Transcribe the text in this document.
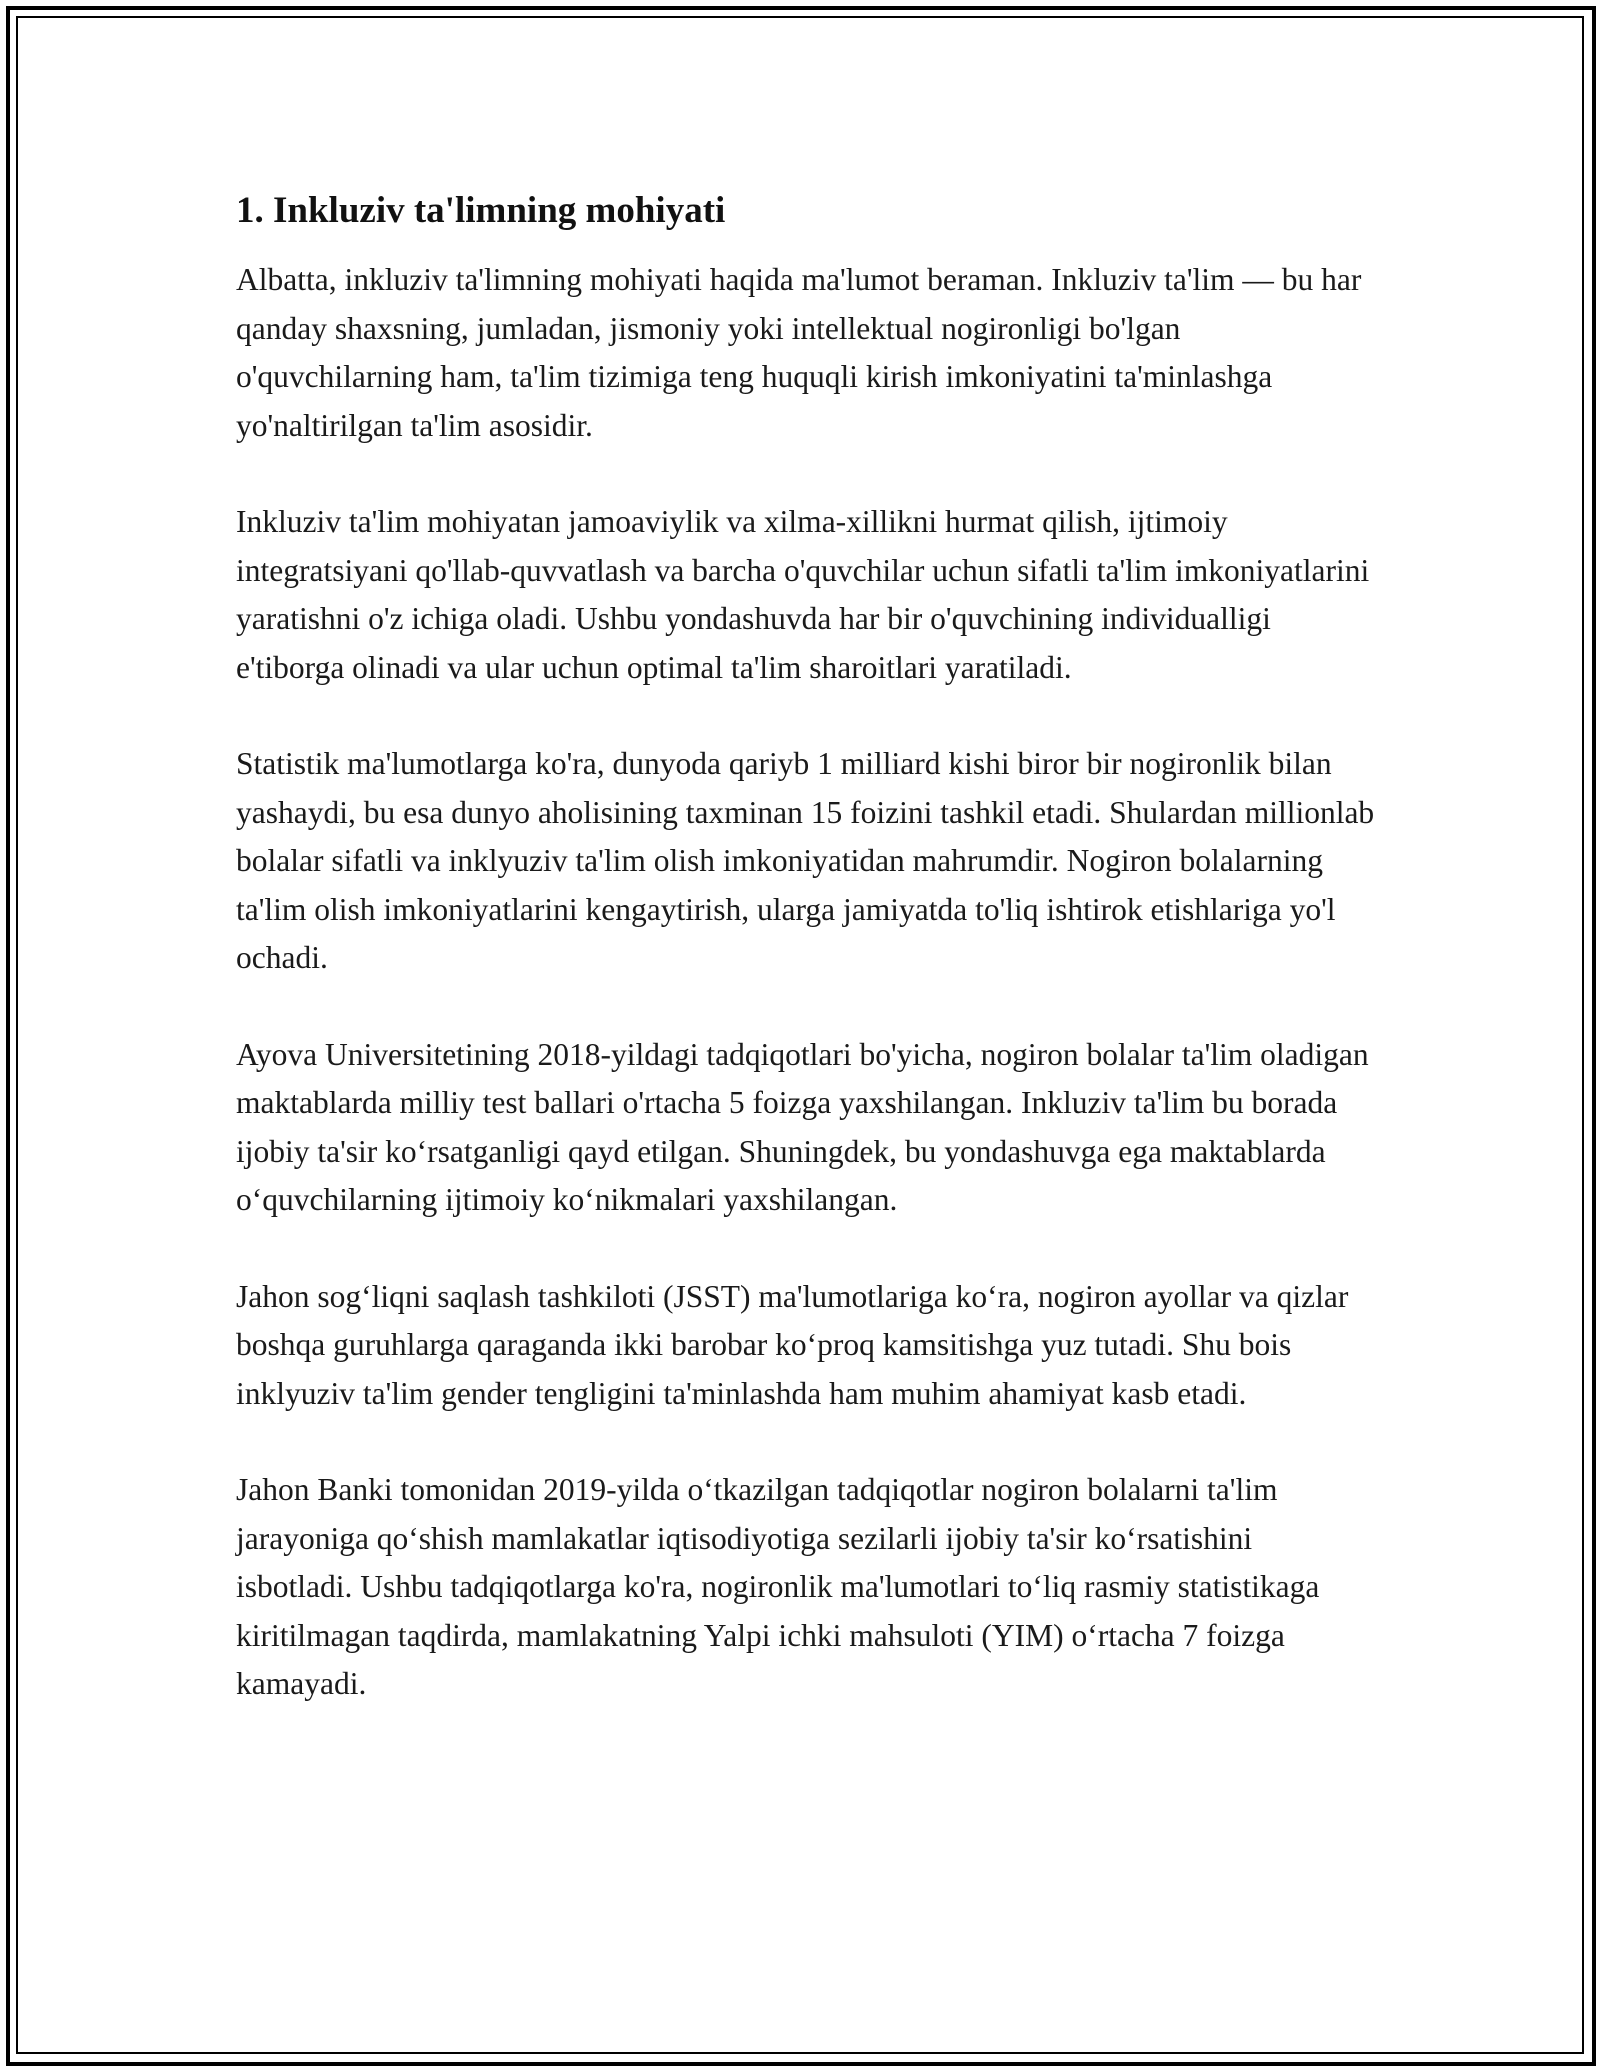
1. Inkluziv ta'limning mohiyati

Albatta, inkluziv ta'limning mohiyati haqida ma'lumot beraman. Inkluziv ta'lim — bu har qanday shaxsning, jumladan, jismoniy yoki intellektual nogironligi bo'lgan o'quvchilarning ham, ta'lim tizimiga teng huquqli kirish imkoniyatini ta'minlashga yo'naltirilgan ta'lim asosidir.

Inkluziv ta'lim mohiyatan jamoaviylik va xilma-xillikni hurmat qilish, ijtimoiy integratsiyani qo'llab-quvvatlash va barcha o'quvchilar uchun sifatli ta'lim imkoniyatlarini yaratishni o'z ichiga oladi. Ushbu yondashuvda har bir o'quvchining individualligi e'tiborga olinadi va ular uchun optimal ta'lim sharoitlari yaratiladi.

Statistik ma'lumotlarga ko'ra, dunyoda qariyb 1 milliard kishi biror bir nogironlik bilan yashaydi, bu esa dunyo aholisining taxminan 15 foizini tashkil etadi. Shulardan millionlab bolalar sifatli va inklyuziv ta'lim olish imkoniyatidan mahrumdir. Nogiron bolalarning ta'lim olish imkoniyatlarini kengaytirish, ularga jamiyatda to'liq ishtirok etishlariga yo'l ochadi.

Ayova Universitetining 2018-yildagi tadqiqotlari bo'yicha, nogiron bolalar ta'lim oladigan maktablarda milliy test ballari o'rtacha 5 foizga yaxshilangan. Inkluziv ta'lim bu borada ijobiy ta'sir ko‘rsatganligi qayd etilgan. Shuningdek, bu yondashuvga ega maktablarda o‘quvchilarning ijtimoiy ko‘nikmalari yaxshilangan.

Jahon sog‘liqni saqlash tashkiloti (JSST) ma'lumotlariga ko‘ra, nogiron ayollar va qizlar boshqa guruhlarga qaraganda ikki barobar ko‘proq kamsitishga yuz tutadi. Shu bois inklyuziv ta'lim gender tengligini ta'minlashda ham muhim ahamiyat kasb etadi.

Jahon Banki tomonidan 2019-yilda o‘tkazilgan tadqiqotlar nogiron bolalarni ta'lim jarayoniga qo‘shish mamlakatlar iqtisodiyotiga sezilarli ijobiy ta'sir ko‘rsatishini isbotladi. Ushbu tadqiqotlarga ko'ra, nogironlik ma'lumotlari to‘liq rasmiy statistikaga kiritilmagan taqdirda, mamlakatning Yalpi ichki mahsuloti (YIM) o‘rtacha 7 foizga kamayadi.
